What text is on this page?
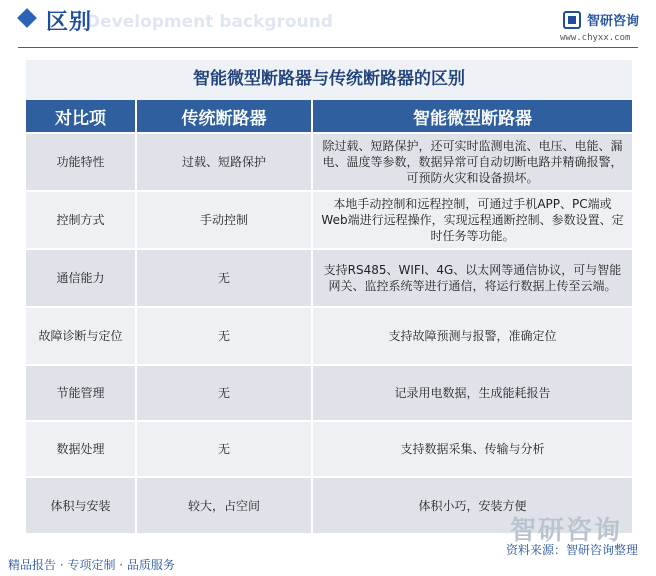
Development background
区别	智研咨询
www.chyxx.com
智能微型断路器与传统断路器的区别
对比项	传统断路器	智能微型断路器
功能特性	过载、短路保护	除过载、短路保护，还可实时监测电流、电压、电能、漏电、温度等参数，数据异常可自动切断电路并精确报警，可预防火灾和设备损坏。
控制方式	手动控制	本地手动控制和远程控制，可通过手机APP、PC端或Web端进行远程操作，实现远程通断控制、参数设置、定时任务等功能。
通信能力	无	支持RS485、WIFI、4G、以太网等通信协议，可与智能网关、监控系统等进行通信，将运行数据上传至云端。
故障诊断与定位	无	支持故障预测与报警，准确定位
节能管理	无	记录用电数据，生成能耗报告
数据处理	无	支持数据采集、传输与分析
体积与安装	较大，占空间	体积小巧，安装方便
智研咨询
精品报告 · 专项定制 · 品质服务
资料来源：智研咨询整理
